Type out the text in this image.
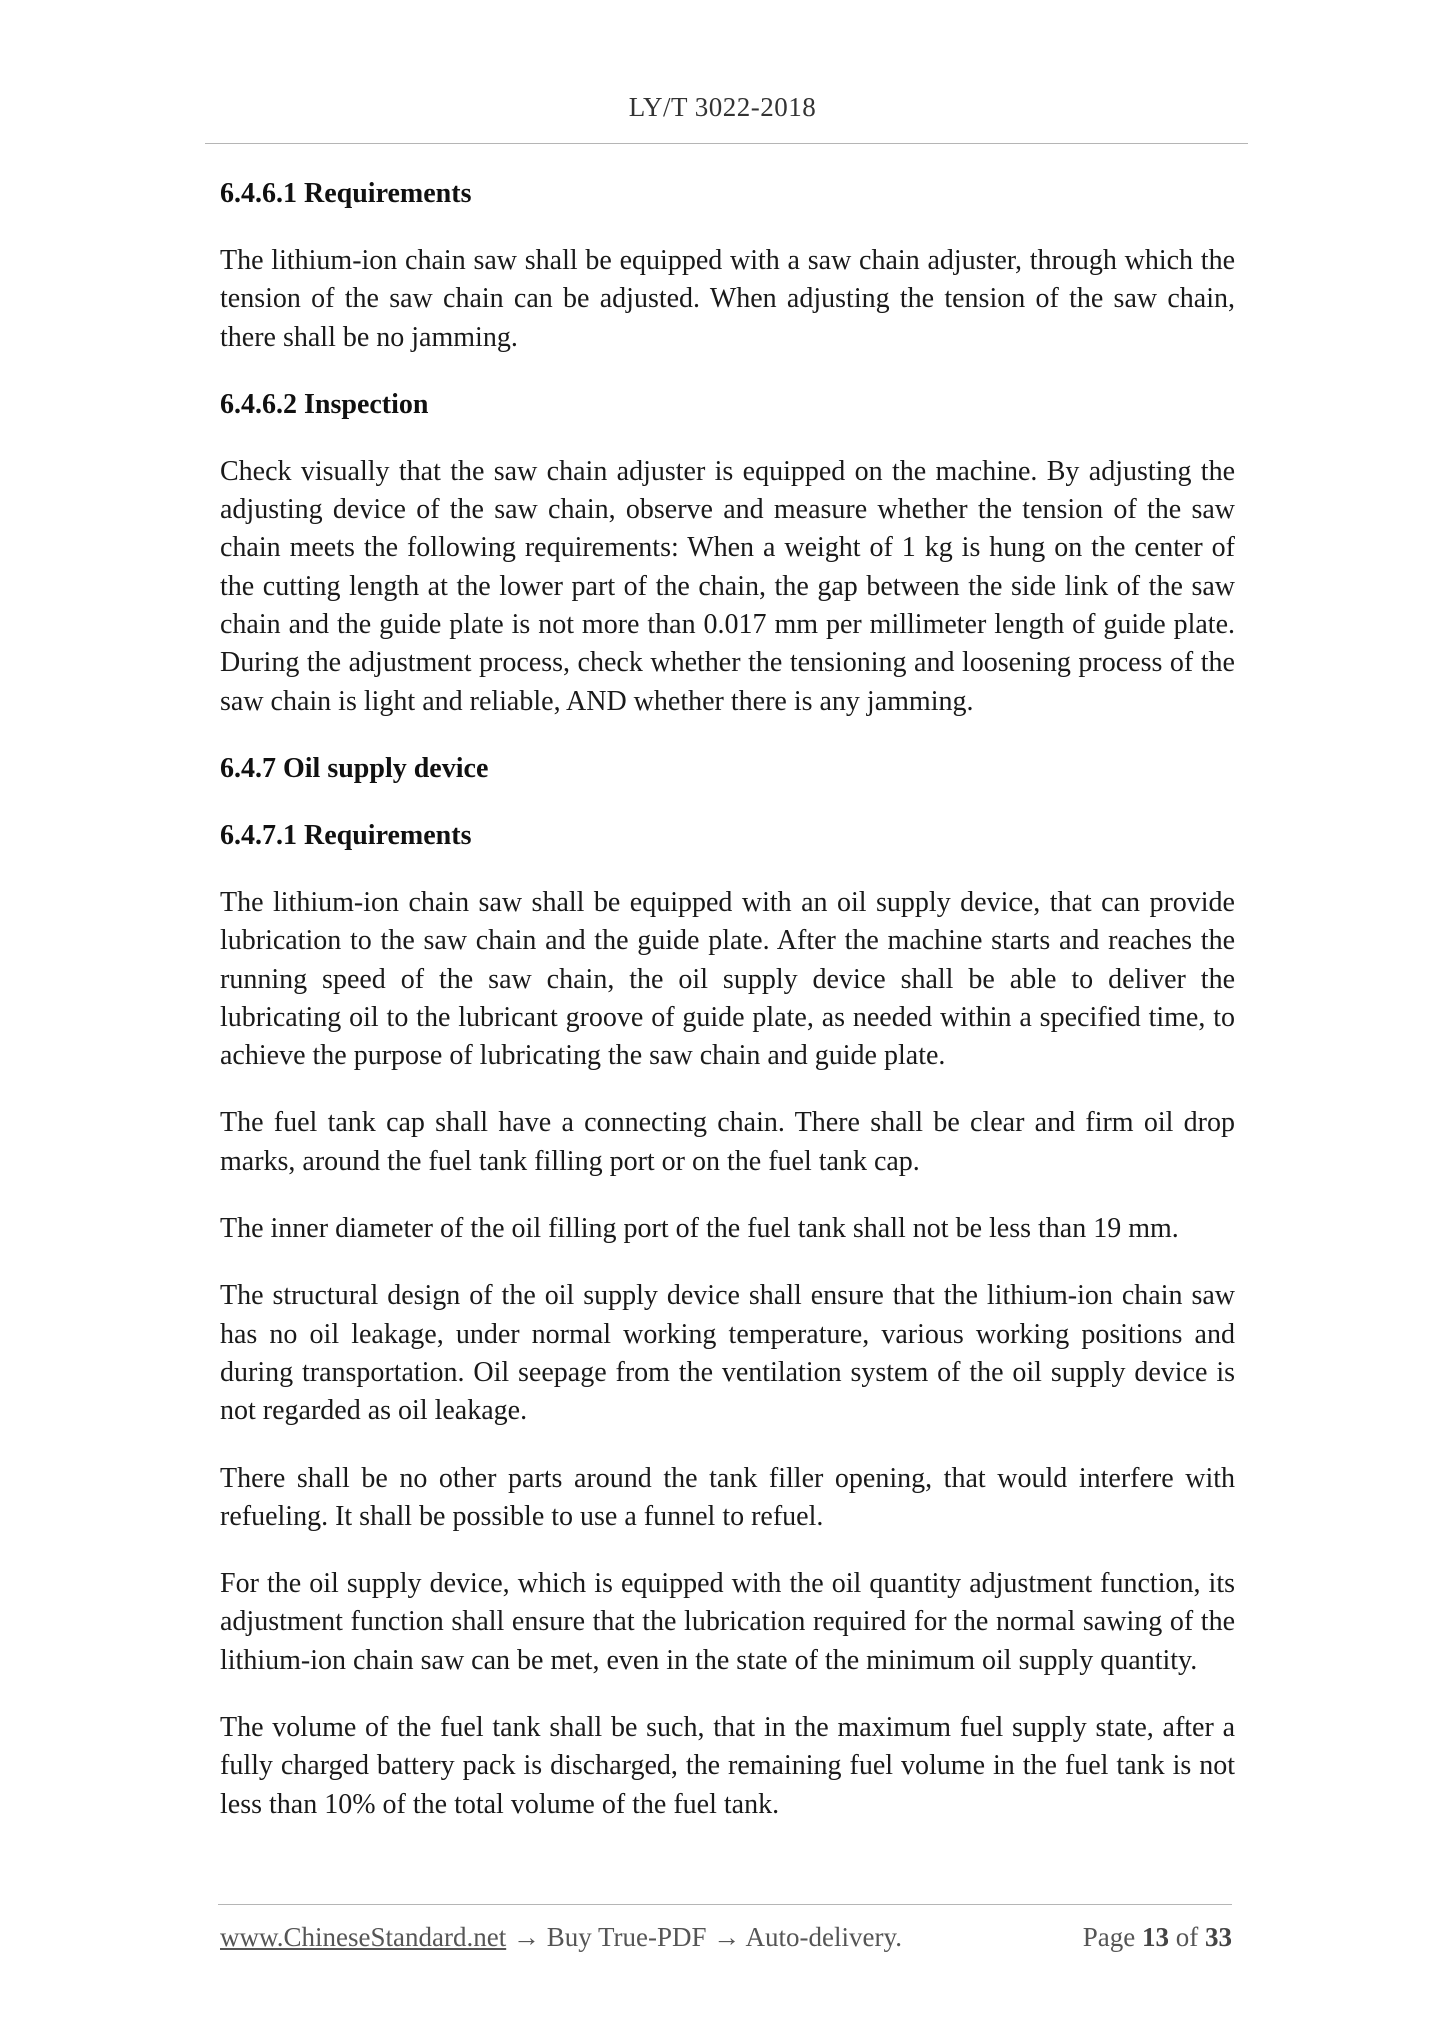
LY/T 3022-2018
6.4.6.1 Requirements
The lithium-ion chain saw shall be equipped with a saw chain adjuster, through which the tension of the saw chain can be adjusted. When adjusting the tension of the saw chain, there shall be no jamming.
6.4.6.2 Inspection
Check visually that the saw chain adjuster is equipped on the machine. By adjusting the adjusting device of the saw chain, observe and measure whether the tension of the saw chain meets the following requirements: When a weight of 1 kg is hung on the center of the cutting length at the lower part of the chain, the gap between the side link of the saw chain and the guide plate is not more than 0.017 mm per millimeter length of guide plate. During the adjustment process, check whether the tensioning and loosening process of the saw chain is light and reliable, AND whether there is any jamming.
6.4.7 Oil supply device
6.4.7.1 Requirements
The lithium-ion chain saw shall be equipped with an oil supply device, that can provide lubrication to the saw chain and the guide plate. After the machine starts and reaches the running speed of the saw chain, the oil supply device shall be able to deliver the lubricating oil to the lubricant groove of guide plate, as needed within a specified time, to achieve the purpose of lubricating the saw chain and guide plate.
The fuel tank cap shall have a connecting chain. There shall be clear and firm oil drop marks, around the fuel tank filling port or on the fuel tank cap.
The inner diameter of the oil filling port of the fuel tank shall not be less than 19 mm.
The structural design of the oil supply device shall ensure that the lithium-ion chain saw has no oil leakage, under normal working temperature, various working positions and during transportation. Oil seepage from the ventilation system of the oil supply device is not regarded as oil leakage.
There shall be no other parts around the tank filler opening, that would interfere with refueling. It shall be possible to use a funnel to refuel.
For the oil supply device, which is equipped with the oil quantity adjustment function, its adjustment function shall ensure that the lubrication required for the normal sawing of the lithium-ion chain saw can be met, even in the state of the minimum oil supply quantity.
The volume of the fuel tank shall be such, that in the maximum fuel supply state, after a fully charged battery pack is discharged, the remaining fuel volume in the fuel tank is not less than 10% of the total volume of the fuel tank.
www.ChineseStandard.net → Buy True-PDF → Auto-delivery.	Page 13 of 33
